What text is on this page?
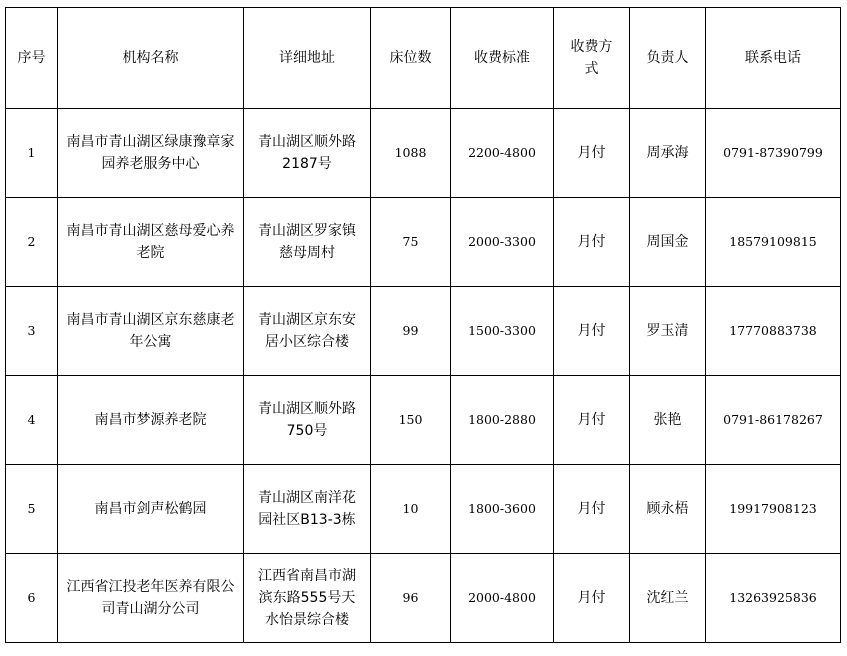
序号	机构名称	详细地址	床位数	收费标准	收费方式	负责人	联系电话
1	南昌市青山湖区绿康豫章家园养老服务中心	青山湖区顺外路2187号	1088	2200-4800	月付	周承海	0791-87390799
2	南昌市青山湖区慈母爱心养老院	青山湖区罗家镇慈母周村	75	2000-3300	月付	周国金	18579109815
3	南昌市青山湖区京东慈康老年公寓	青山湖区京东安居小区综合楼	99	1500-3300	月付	罗玉清	17770883738
4	南昌市梦源养老院	青山湖区顺外路750号	150	1800-2880	月付	张艳	0791-86178267
5	南昌市剑声松鹤园	青山湖区南洋花园社区B13-3栋	10	1800-3600	月付	顾永梧	19917908123
6	江西省江投老年医养有限公司青山湖分公司	江西省南昌市湖滨东路555号天水怡景综合楼	96	2000-4800	月付	沈红兰	13263925836
